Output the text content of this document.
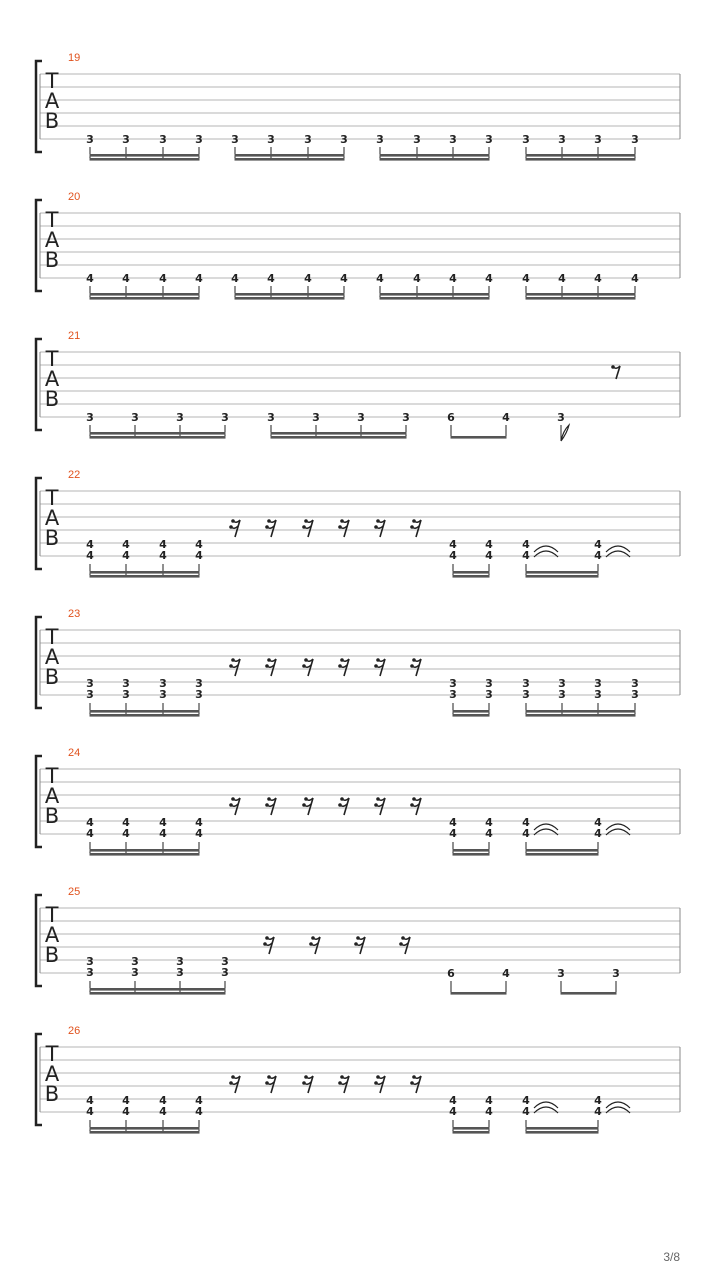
19
T
A
B
3	3	3	3	3	3	3	3	3	3	3	3	3	3	3	3
20
T
A
B
4	4	4	4	4	4	4	4	4	4	4	4	4	4	4	4
21
T
A
B
3	3	3	3	3	3	3	3	6	4	3
22
T
A
B 4
4
4
4
4
4
4
4
4
4
4
4
4
4
4
4
23
T
A
B 3
3
3
3
3
3
3
3
3
3
3
3
3
3
3
3
3
3
3
3
24
T
A
B 4
4
4
4
4
4
4
4
4
4
4
4
4
4
4
4
25
T
A
B 3
3
3
3
3
3
3
3	6	4	3	3
26
T
A
B 4
4
4
4
4
4
4
4
4
4
4
4
4
4
4
4
3/8
